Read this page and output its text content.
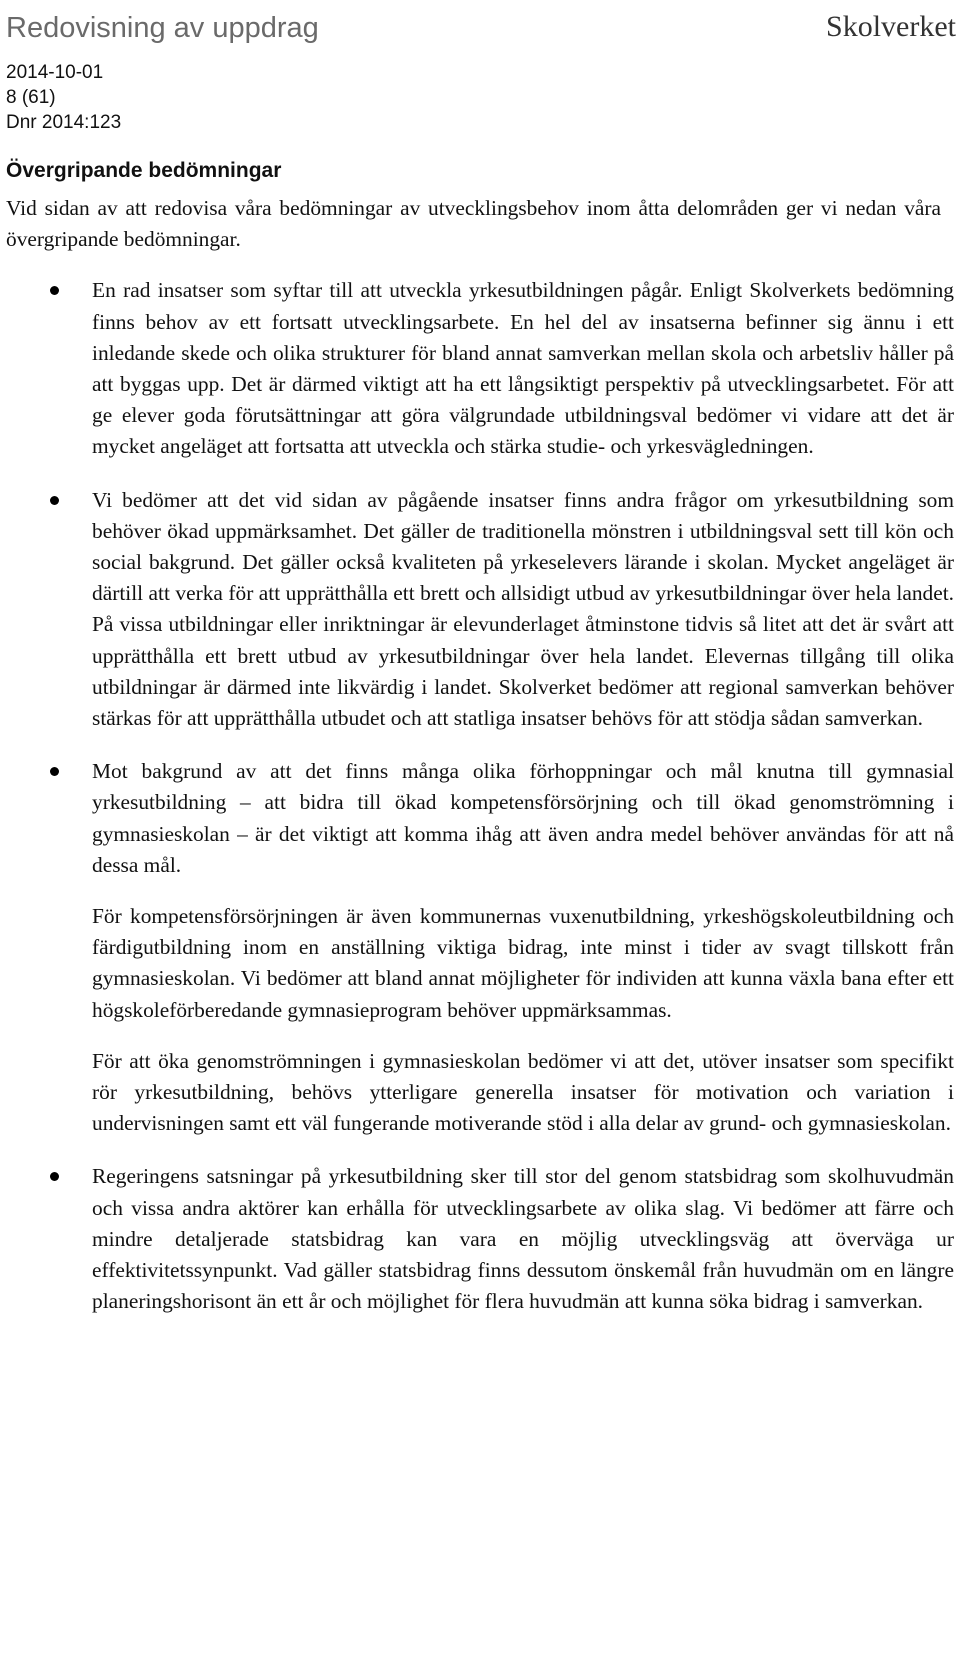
Redovisning av uppdrag	Skolverket
2014-10-01
8 (61)
Dnr 2014:123
Övergripande bedömningar

Vid sidan av att redovisa våra bedömningar av utvecklingsbehov inom åtta delområden ger vi nedan våra övergripande bedömningar.

En rad insatser som syftar till att utveckla yrkesutbildningen pågår. Enligt Skolverkets bedömning finns behov av ett fortsatt utvecklingsarbete. En hel del av insatserna befinner sig ännu i ett inledande skede och olika strukturer för bland annat samverkan mellan skola och arbetsliv håller på att byggas upp. Det är därmed viktigt att ha ett långsiktigt perspektiv på utvecklingsarbetet. För att ge elever goda förutsättningar att göra välgrundade utbildningsval bedömer vi vidare att det är mycket angeläget att fortsatta att utveckla och stärka studie- och yrkesvägledningen.

Vi bedömer att det vid sidan av pågående insatser finns andra frågor om yrkesutbildning som behöver ökad uppmärksamhet. Det gäller de traditionella mönstren i utbildningsval sett till kön och social bakgrund. Det gäller också kvaliteten på yrkeselevers lärande i skolan. Mycket angeläget är därtill att verka för att upprätthålla ett brett och allsidigt utbud av yrkesutbildningar över hela landet. På vissa utbildningar eller inriktningar är elevunderlaget åtminstone tidvis så litet att det är svårt att upprätthålla ett brett utbud av yrkesutbildningar över hela landet. Elevernas tillgång till olika utbildningar är därmed inte likvärdig i landet. Skolverket bedömer att regional samverkan behöver stärkas för att upprätthålla utbudet och att statliga insatser behövs för att stödja sådan samverkan.

Mot bakgrund av att det finns många olika förhoppningar och mål knutna till gymnasial yrkesutbildning – att bidra till ökad kompetensförsörjning och till ökad genomströmning i gymnasieskolan – är det viktigt att komma ihåg att även andra medel behöver användas för att nå dessa mål.

För kompetensförsörjningen är även kommunernas vuxenutbildning, yrkeshögskoleutbildning och färdigutbildning inom en anställning viktiga bidrag, inte minst i tider av svagt tillskott från gymnasieskolan. Vi bedömer att bland annat möjligheter för individen att kunna växla bana efter ett högskoleförberedande gymnasieprogram behöver uppmärksammas.

För att öka genomströmningen i gymnasieskolan bedömer vi att det, utöver insatser som specifikt rör yrkesutbildning, behövs ytterligare generella insatser för motivation och variation i undervisningen samt ett väl fungerande motiverande stöd i alla delar av grund- och gymnasieskolan.

Regeringens satsningar på yrkesutbildning sker till stor del genom statsbidrag som skolhuvudmän och vissa andra aktörer kan erhålla för utvecklingsarbete av olika slag. Vi bedömer att färre och mindre detaljerade statsbidrag kan vara en möjlig utvecklingsväg att överväga ur effektivitetssynpunkt. Vad gäller statsbidrag finns dessutom önskemål från huvudmän om en längre planeringshorisont än ett år och möjlighet för flera huvudmän att kunna söka bidrag i samverkan.
